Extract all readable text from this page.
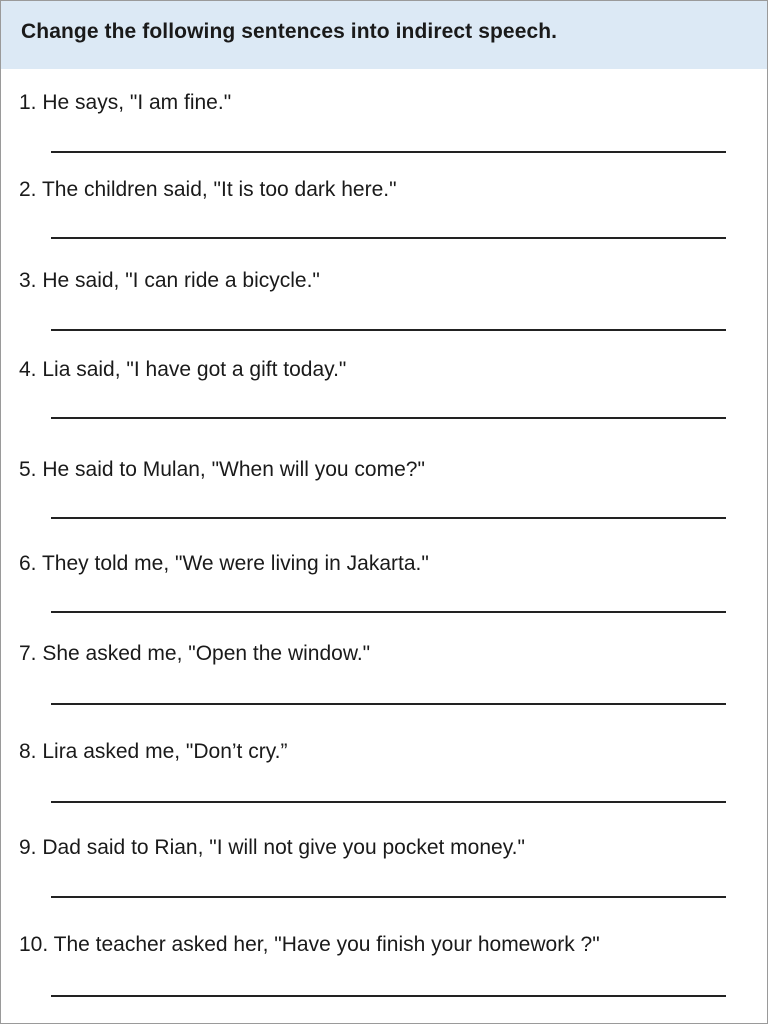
Change the following sentences into indirect speech.
1. He says, "I am fine."
2. The children said, "It is too dark here."
3. He said, "I can ride a bicycle."
4. Lia said, "I have got a gift today."
5. He said to Mulan, "When will you come?"
6. They told me, "We were living in Jakarta."
7. She asked me, "Open the window."
8. Lira asked me, "Don’t cry.”
9. Dad said to Rian, "I will not give you pocket money."
10. The teacher asked her, "Have you finish your homework ?"
